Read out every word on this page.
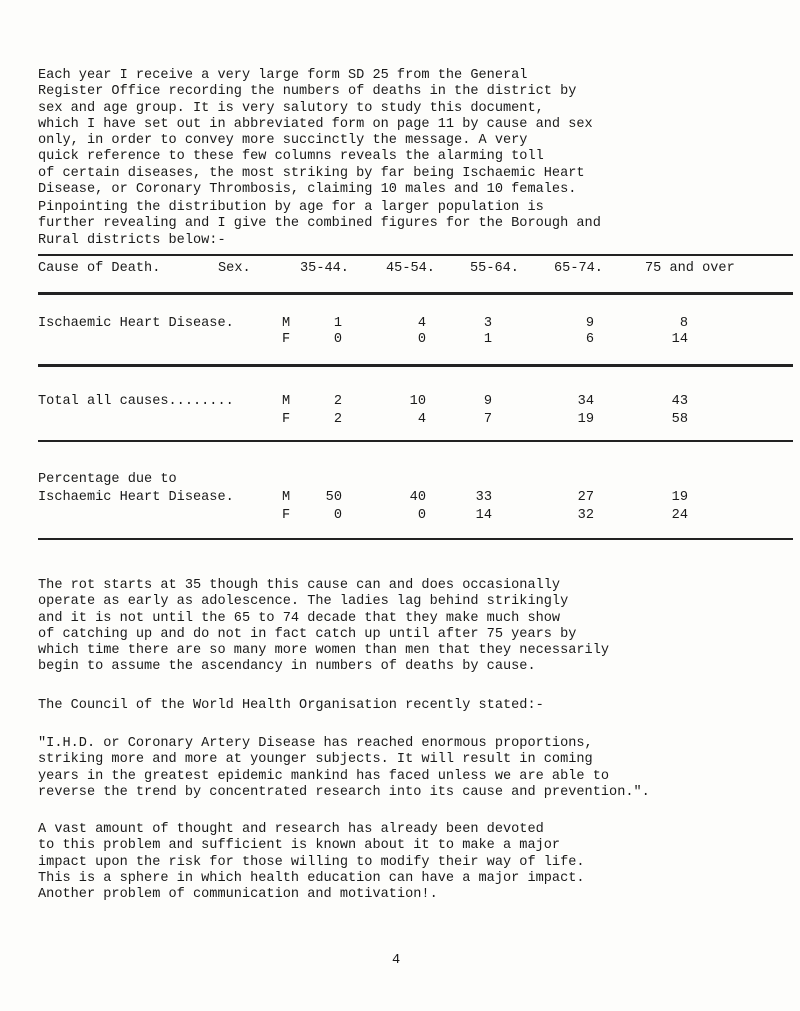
Each year I receive a very large form SD 25 from the General
Register Office recording the numbers of deaths in the district by
sex and age group. It is very salutory to study this document,
which I have set out in abbreviated form on page 11 by cause and sex
only, in order to convey more succinctly the message. A very
quick reference to these few columns reveals the alarming toll
of certain diseases, the most striking by far being Ischaemic Heart
Disease, or Coronary Thrombosis, claiming 10 males and 10 females.

Pinpointing the distribution by age for a larger population is
further revealing and I give the combined figures for the Borough and
Rural districts below:-

Cause of Death.	Sex.	35-44.	45-54.	55-64.	65-74.	75 and over
Ischaemic Heart Disease.	M	1	4	3	9	8
F	0	0	1	6	14
Total all causes........	M	2	10	9	34	43
F	2	4	7	19	58
Percentage due to
Ischaemic Heart Disease.	M	50	40	33	27	19
F	0	0	14	32	24

The rot starts at 35 though this cause can and does occasionally
operate as early as adolescence. The ladies lag behind strikingly
and it is not until the 65 to 74 decade that they make much show
of catching up and do not in fact catch up until after 75 years by
which time there are so many more women than men that they necessarily
begin to assume the ascendancy in numbers of deaths by cause.

The Council of the World Health Organisation recently stated:-

"I.H.D. or Coronary Artery Disease has reached enormous proportions,
striking more and more at younger subjects. It will result in coming
years in the greatest epidemic mankind has faced unless we are able to
reverse the trend by concentrated research into its cause and prevention.".

A vast amount of thought and research has already been devoted
to this problem and sufficient is known about it to make a major
impact upon the risk for those willing to modify their way of life.
This is a sphere in which health education can have a major impact.
Another problem of communication and motivation!.

4
